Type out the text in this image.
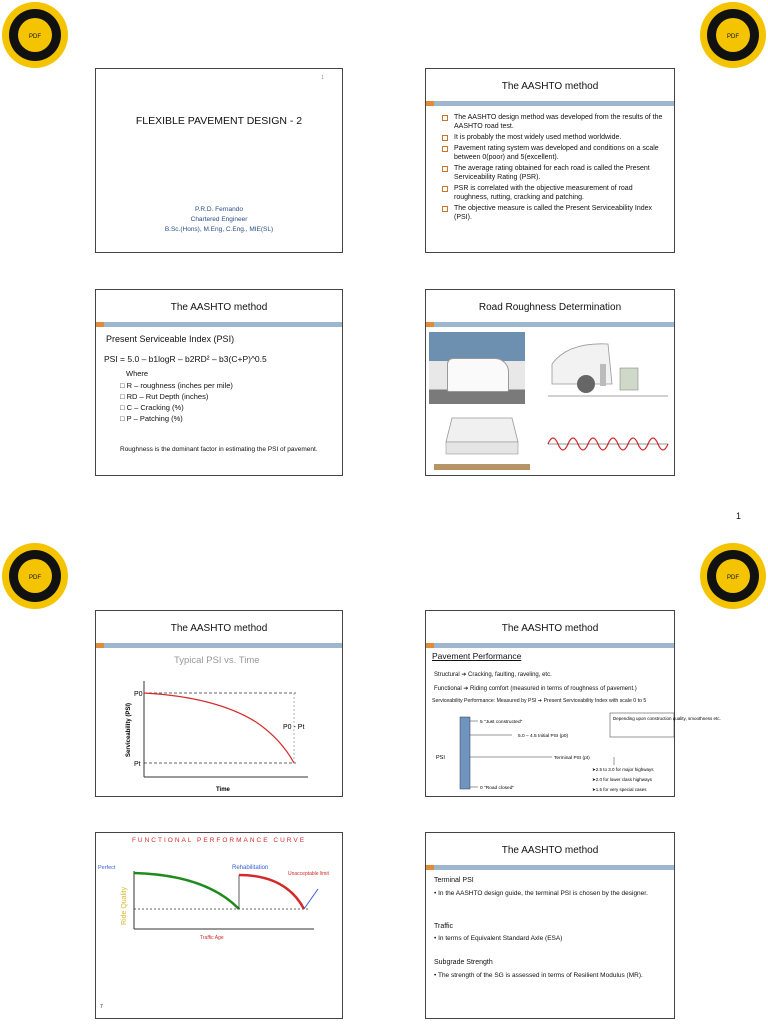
PDF	PDF
PDF	PDF
1
1
FLEXIBLE PAVEMENT DESIGN - 2
P.R.D. Fernando
Chartered Engineer
B.Sc.(Hons), M.Eng, C.Eng., MIE(SL)
The AASHTO method
The AASHTO design method was developed from the results of the AASHTO road test.
It is probably the most widely used method worldwide.
Pavement rating system was developed and conditions on a scale between 0(poor) and 5(excellent).
The average rating obtained for each road is called the Present Serviceability Rating (PSR).
PSR is correlated with the objective measurement of road roughness, rutting, cracking and patching.
The objective measure is called the Present Serviceability Index (PSI).
The AASHTO method
Present Serviceable Index (PSI)
PSI = 5.0 – b1logR – b2RD² – b3(C+P)^0.5
Where
□ R – roughness (inches per mile)
□ RD – Rut Depth (inches)
□ C – Cracking (%)
□ P – Patching (%)
Roughness is the dominant factor in estimating the PSI of pavement.
Road Roughness Determination
The AASHTO method
Typical PSI vs. Time
P0
Pt
P0 - Pt
Time
Serviceability (PSI)
The AASHTO method
Pavement Performance
Structural ➔ Cracking, faulting, raveling, etc.
Functional ➔ Riding comfort (measured in terms of roughness of pavement.)
Serviceability Performance: Measured by PSI ➔ Present Serviceability Index with scale 0 to 5
PSI
5 "Just constructed"
5.0 – 4.5 Initial PSI (p0)
Depending upon construction quality, smoothness etc.
Terminal PSI (pt)
0 "Road closed"
➤2.5 to 3.0 for major highways
➤2.0 for lower class highways
➤1.5 for very special cases
FUNCTIONAL PERFORMANCE CURVE
Perfect	Rehabilitation
Unacceptable limit
Traffic Age
Ride Quality
7
The AASHTO method
Terminal PSI
• In the AASHTO design guide, the terminal PSI is chosen by the designer.
Traffic
• In terms of Equivalent Standard Axle (ESA)
Subgrade Strength
• The strength of the SG is assessed in terms of Resilient Modulus (MR).
